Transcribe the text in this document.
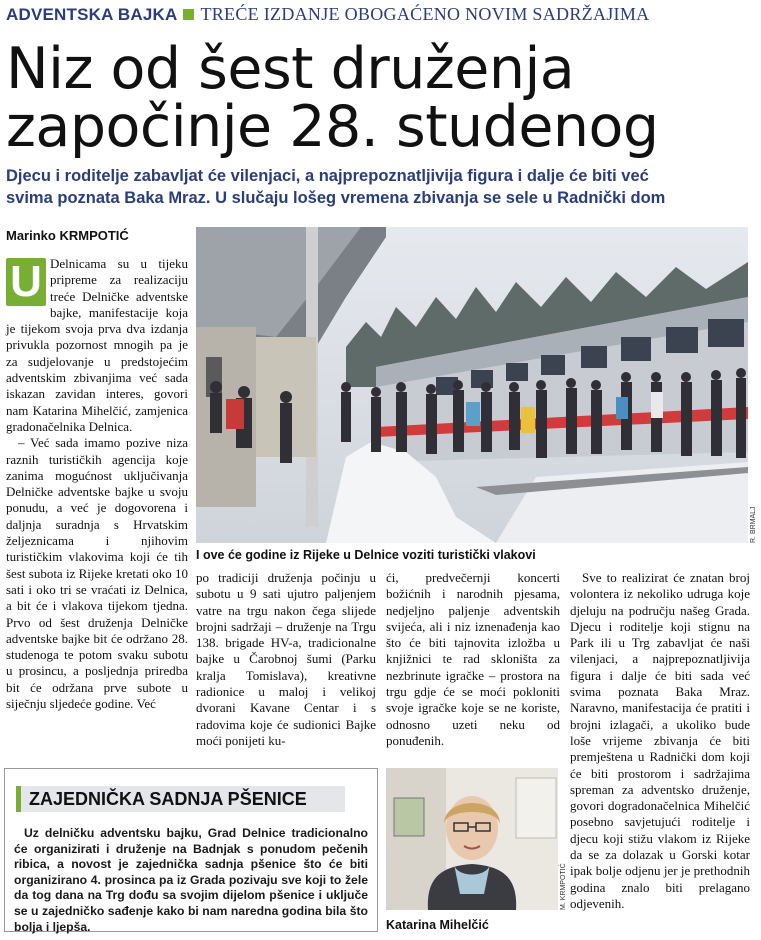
ADVENTSKA BAJKA TREĆE IZDANJE OBOGAĆENO NOVIM SADRŽAJIMA
Niz od šest druženja
započinje 28. studenog
Djecu i roditelje zabavljat će vilenjaci, a najprepoznatljivija figura i dalje će biti već
svima poznata Baka Mraz. U slučaju lošeg vremena zbivanja se sele u Radnički dom
Marinko KRMPOTIĆ

U Delnicama su u tijeku pripreme za realizaciju treće Delničke adventske bajke, manifestacije koja je tijekom svoja prva dva izdanja privukla pozornost mnogih pa je za sudjelovanje u predstojećim adventskim zbivanjima već sada iskazan zavidan interes, govori nam Katarina Mihelčić, zamjenica gradonačelnika Delnica.

– Već sada imamo pozive niza raznih turističkih agencija koje zanima mogućnost uključivanja Delničke adventske bajke u svoju ponudu, a već je dogovorena i daljnja suradnja s Hrvatskim željeznicama i njihovim turističkim vlakovima koji će tih šest subota iz Rijeke kretati oko 10 sati i oko tri se vraćati iz Delnica, a bit će i vlakova tijekom tjedna. Prvo od šest druženja Delničke adventske bajke bit će održano 28. studenoga te potom svaku subotu u prosincu, a posljednja priredba bit će održana prve subote u siječnju sljedeće godine. Već

R. BRMALJ
I ove će godine iz Rijeke u Delnice voziti turistički vlakovi

po tradiciji druženja počinju u subotu u 9 sati ujutro paljenjem vatre na trgu nakon čega slijede brojni sadržaji – druženje na Trgu 138. brigade HV-a, tradicionalne bajke u Čarobnoj šumi (Parku kralja Tomislava), kreativne radionice u maloj i velikoj dvorani Kavane Centar i s radovima koje će sudionici Bajke moći ponijeti ku-

ći, predvečernji koncerti božićnih i narodnih pjesama, nedjeljno paljenje adventskih svijeća, ali i niz iznenađenja kao što će biti tajnovita izložba u knjižnici te rad skloništa za nezbrinute igračke – prostora na trgu gdje će se moći pokloniti svoje igračke koje se ne koriste, odnosno uzeti neku od ponuđenih.

Sve to realizirat će znatan broj volontera iz nekoliko udruga koje djeluju na području našeg Grada. Djecu i roditelje koji stignu na Park ili u Trg zabavljat će naši vilenjaci, a najprepoznatljivija figura i dalje će biti sada već svima poznata Baka Mraz. Naravno, manifestacija će pratiti i brojni izlagači, a ukoliko bude loše vrijeme zbivanja će biti premještena u Radnički dom koji će biti prostorom i sadržajima spreman za adventsko druženje, govori dogradonačelnica Mihelčić posebno savjetujući roditelje i djecu koji stižu vlakom iz Rijeke da se za dolazak u Gorski kotar ipak bolje odjenu jer je prethodnih godina znalo biti prelagano odjevenih.

ZAJEDNIČKA SADNJA PŠENICE

Uz delničku adventsku bajku, Grad Delnice tradicionalno će organizirati i druženje na Badnjak s ponudom pečenih ribica, a novost je zajednička sadnja pšenice što će biti organizirano 4. prosinca pa iz Grada pozivaju sve koji to žele da tog dana na Trg dođu sa svojim dijelom pšenice i uključe se u zajedničko sađenje kako bi nam naredna godina bila što bolja i ljepša.

M. KRMPOTIĆ
Katarina Mihelčić
